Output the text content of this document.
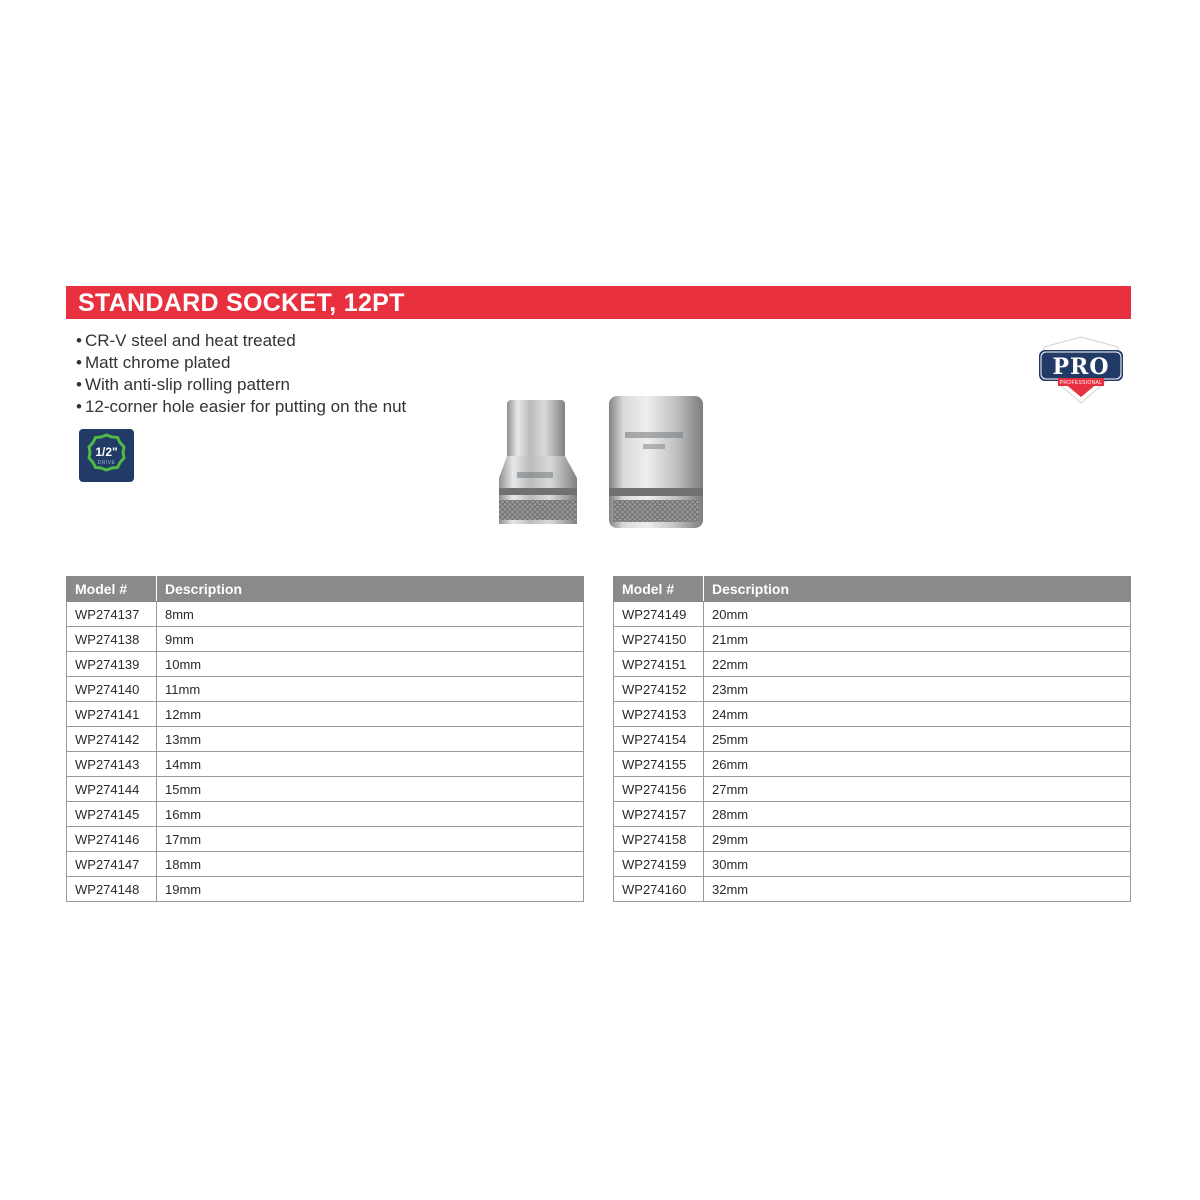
STANDARD SOCKET, 12PT
• CR-V steel and heat treated
• Matt chrome plated
• With anti-slip rolling pattern
• 12-corner hole easier for putting on the nut
1/2"
DRIVE
PRO
PROFESSIONAL
Model #	Description
WP274137	8mm
WP274138	9mm
WP274139	10mm
WP274140	11mm
WP274141	12mm
WP274142	13mm
WP274143	14mm
WP274144	15mm
WP274145	16mm
WP274146	17mm
WP274147	18mm
WP274148	19mm
Model #	Description
WP274149	20mm
WP274150	21mm
WP274151	22mm
WP274152	23mm
WP274153	24mm
WP274154	25mm
WP274155	26mm
WP274156	27mm
WP274157	28mm
WP274158	29mm
WP274159	30mm
WP274160	32mm
